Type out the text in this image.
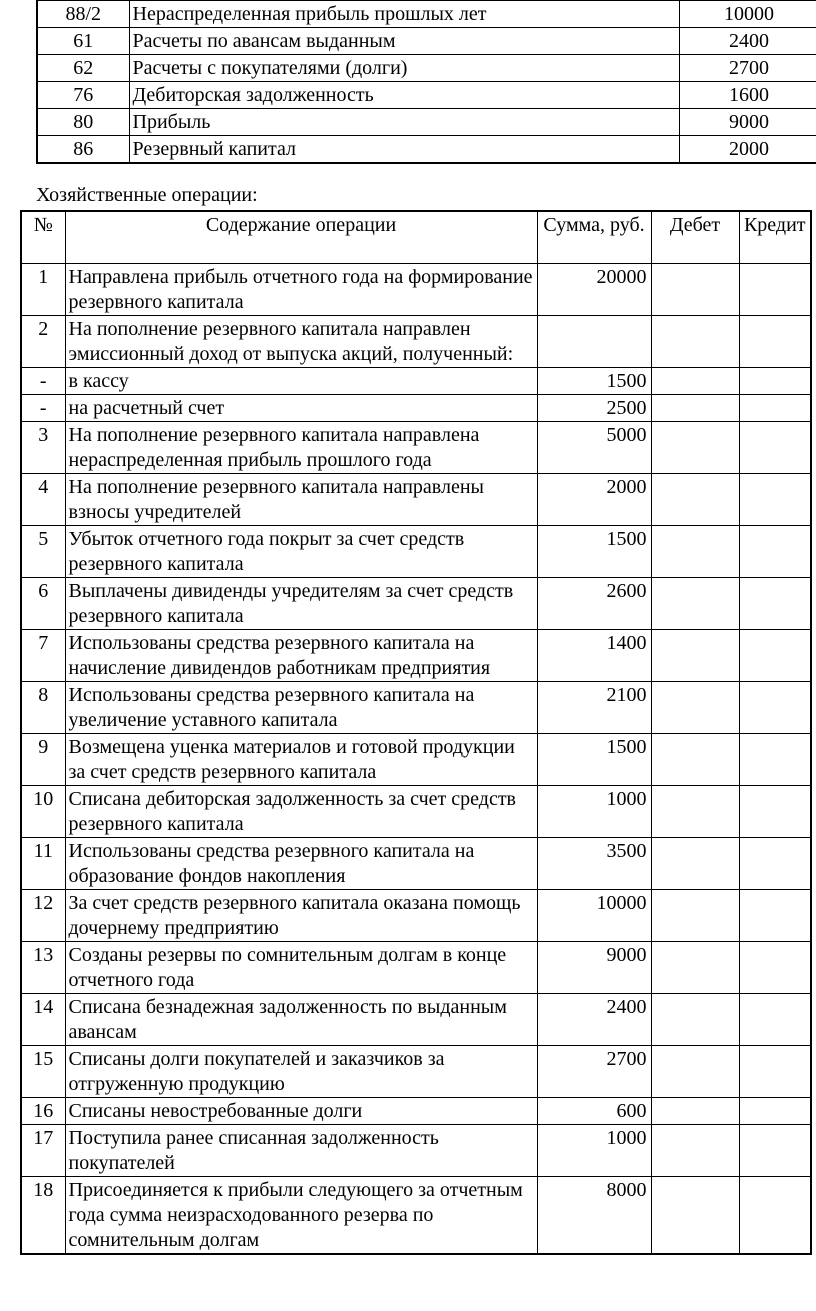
88/2	Нераспределенная прибыль прошлых лет	10000
61	Расчеты по авансам выданным	2400
62	Расчеты с покупателями (долги)	2700
76	Дебиторская задолженность	1600
80	Прибыль	9000
86	Резервный капитал	2000
Хозяйственные операции:
№	Содержание операции	Сумма, руб.	Дебет	Кредит
1	Направлена прибыль отчетного года на формирование резервного капитала	20000		
2	На пополнение резервного капитала направлен эмиссионный доход от выпуска акций, полученный:			
-	в кассу	1500		
-	на расчетный счет	2500		
3	На пополнение резервного капитала направлена нераспределенная прибыль прошлого года	5000		
4	На пополнение резервного капитала направлены взносы учредителей	2000		
5	Убыток отчетного года покрыт за счет средств резервного капитала	1500		
6	Выплачены дивиденды учредителям за счет средств резервного капитала	2600		
7	Использованы средства резервного капитала на начисление дивидендов работникам предприятия	1400		
8	Использованы средства резервного капитала на увеличение уставного капитала	2100		
9	Возмещена уценка материалов и готовой продукции за счет средств резервного капитала	1500		
10	Списана дебиторская задолженность за счет средств резервного капитала	1000		
11	Использованы средства резервного капитала на образование фондов накопления	3500		
12	За счет средств резервного капитала оказана помощь дочернему предприятию	10000		
13	Созданы резервы по сомнительным долгам в конце отчетного года	9000		
14	Списана безнадежная задолженность по выданным авансам	2400		
15	Списаны долги покупателей и заказчиков за отгруженную продукцию	2700		
16	Списаны невостребованные долги	600		
17	Поступила ранее списанная задолженность покупателей	1000		
18	Присоединяется к прибыли следующего за отчетным года сумма неизрасходованного резерва по сомнительным долгам	8000		
